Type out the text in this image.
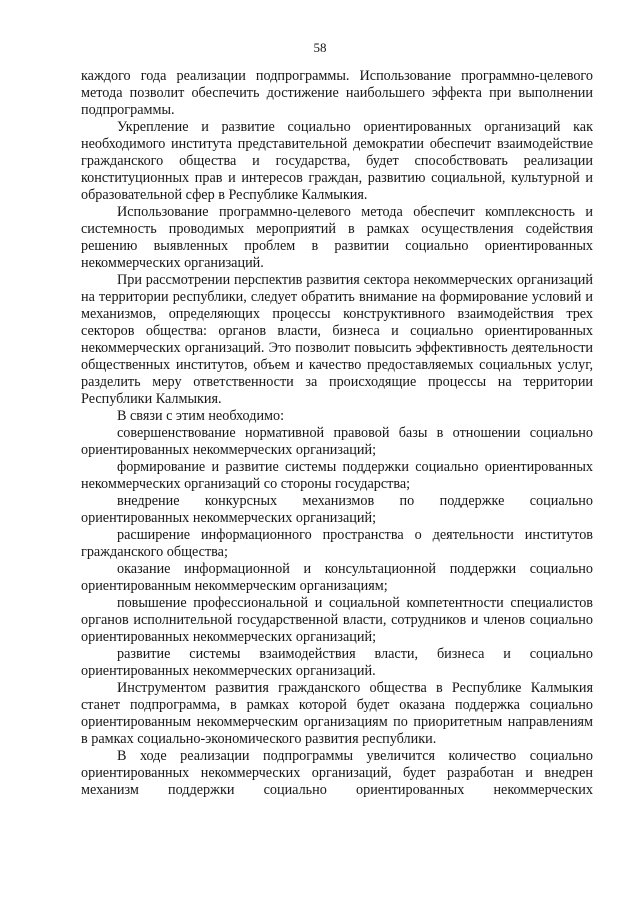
58

каждого года реализации подпрограммы. Использование программно-целевого метода позволит обеспечить достижение наибольшего эффекта при выполнении подпрограммы.

Укрепление и развитие социально ориентированных организаций как необходимого института представительной демократии обеспечит взаимодействие гражданского общества и государства, будет способствовать реализации конституционных прав и интересов граждан, развитию социальной, культурной и образовательной сфер в Республике Калмыкия.

Использование программно-целевого метода обеспечит комплексность и системность проводимых мероприятий в рамках осуществления содействия решению выявленных проблем в развитии социально ориентированных некоммерческих организаций.

При рассмотрении перспектив развития сектора некоммерческих организаций на территории республики, следует обратить внимание на формирование условий и механизмов, определяющих процессы конструктивного взаимодействия трех секторов общества: органов власти, бизнеса и социально ориентированных некоммерческих организаций. Это позволит повысить эффективность деятельности общественных институтов, объем и качество предоставляемых социальных услуг, разделить меру ответственности за происходящие процессы на территории Республики Калмыкия.

В связи с этим необходимо:

совершенствование нормативной правовой базы в отношении социально ориентированных некоммерческих организаций;

формирование и развитие системы поддержки социально ориентированных некоммерческих организаций со стороны государства;

внедрение конкурсных механизмов по поддержке социально ориентированных некоммерческих организаций;

расширение информационного пространства о деятельности институтов гражданского общества;

оказание информационной и консультационной поддержки социально ориентированным некоммерческим организациям;

повышение профессиональной и социальной компетентности специалистов органов исполнительной государственной власти, сотрудников и членов социально ориентированных некоммерческих организаций;

развитие системы взаимодействия власти, бизнеса и социально ориентированных некоммерческих организаций.

Инструментом развития гражданского общества в Республике Калмыкия станет подпрограмма, в рамках которой будет оказана поддержка социально ориентированным некоммерческим организациям по приоритетным направлениям в рамках социально-экономического развития республики.

В ходе реализации подпрограммы увеличится количество социально ориентированных некоммерческих организаций, будет разработан и внедрен механизм поддержки социально ориентированных некоммерческих
